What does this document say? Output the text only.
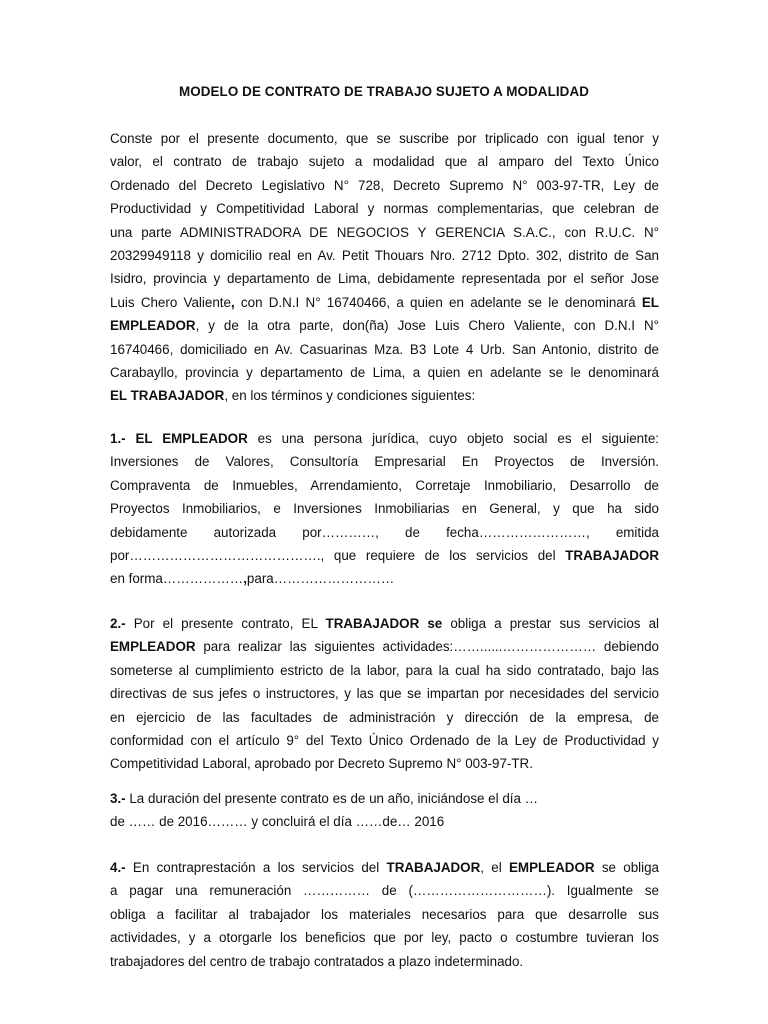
MODELO DE CONTRATO DE TRABAJO SUJETO A MODALIDAD
Conste por el presente documento, que se suscribe por triplicado con igual tenor y
valor, el contrato de trabajo sujeto a modalidad que al amparo del Texto Único
Ordenado del Decreto Legislativo N° 728, Decreto Supremo N° 003-97-TR, Ley de
Productividad y Competitividad Laboral y normas complementarias, que celebran de
una parte ADMINISTRADORA DE NEGOCIOS Y GERENCIA S.A.C., con R.U.C. N°
20329949118 y domicilio real en Av. Petit Thouars Nro. 2712 Dpto. 302, distrito de San
Isidro, provincia y departamento de Lima, debidamente representada por el señor Jose
Luis Chero Valiente, con D.N.I N° 16740466, a quien en adelante se le denominará EL
EMPLEADOR, y de la otra parte, don(ña) Jose Luis Chero Valiente, con D.N.I N°
16740466, domiciliado en Av. Casuarinas Mza. B3 Lote 4 Urb. San Antonio, distrito de
Carabayllo, provincia y departamento de Lima, a quien en adelante se le denominará
EL TRABAJADOR, en los términos y condiciones siguientes:
1.- EL EMPLEADOR es una persona jurídica, cuyo objeto social es el siguiente:
Inversiones de Valores, Consultoría Empresarial En Proyectos de Inversión.
Compraventa de Inmuebles, Arrendamiento, Corretaje Inmobiliario, Desarrollo de
Proyectos Inmobiliarios, e Inversiones Inmobiliarias en General, y que ha sido
debidamente autorizada por…………, de fecha……………………, emitida
por……………………………………., que requiere de los servicios del TRABAJADOR
en forma………………,para………………………
2.- Por el presente contrato, EL TRABAJADOR se obliga a prestar sus servicios al
EMPLEADOR para realizar las siguientes actividades:……......………………… debiendo
someterse al cumplimiento estricto de la labor, para la cual ha sido contratado, bajo las
directivas de sus jefes o instructores, y las que se impartan por necesidades del servicio
en ejercicio de las facultades de administración y dirección de la empresa, de
conformidad con el artículo 9° del Texto Único Ordenado de la Ley de Productividad y
Competitividad Laboral, aprobado por Decreto Supremo N° 003-97-TR.
3.- La duración del presente contrato es de un año, iniciándose el día …
de …… de 2016……… y concluirá el día ……de… 2016
4.- En contraprestación a los servicios del TRABAJADOR, el EMPLEADOR se obliga
a pagar una remuneración …………… de (…………………………). Igualmente se
obliga a facilitar al trabajador los materiales necesarios para que desarrolle sus
actividades, y a otorgarle los beneficios que por ley, pacto o costumbre tuvieran los
trabajadores del centro de trabajo contratados a plazo indeterminado.
